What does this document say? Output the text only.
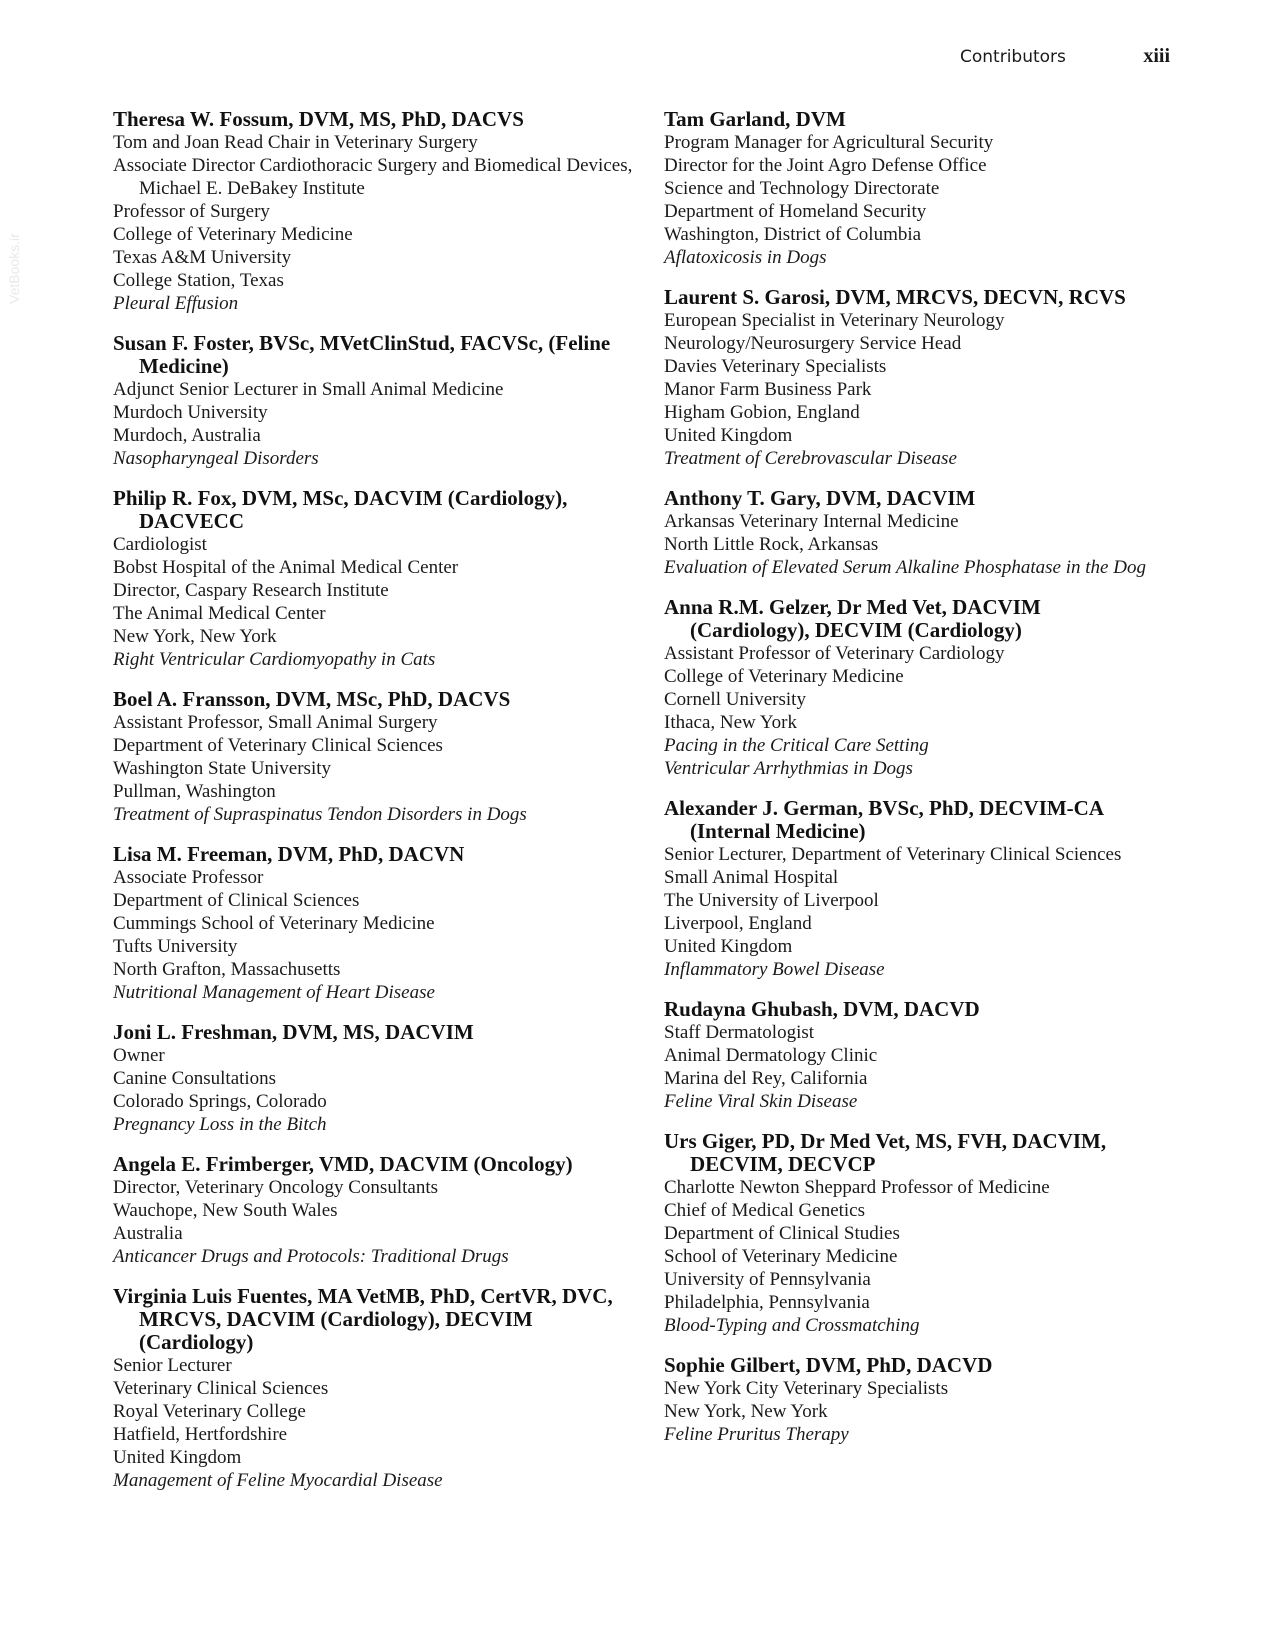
Contributors	xiii
VetBooks.ir
Theresa W. Fossum, DVM, MS, PhD, DACVS
Tom and Joan Read Chair in Veterinary Surgery
Associate Director Cardiothoracic Surgery and Biomedical Devices, Michael E. DeBakey Institute
Professor of Surgery
College of Veterinary Medicine
Texas A&M University
College Station, Texas
Pleural Effusion
Susan F. Foster, BVSc, MVetClinStud, FACVSc, (Feline Medicine)
Adjunct Senior Lecturer in Small Animal Medicine
Murdoch University
Murdoch, Australia
Nasopharyngeal Disorders
Philip R. Fox, DVM, MSc, DACVIM (Cardiology), DACVECC
Cardiologist
Bobst Hospital of the Animal Medical Center
Director, Caspary Research Institute
The Animal Medical Center
New York, New York
Right Ventricular Cardiomyopathy in Cats
Boel A. Fransson, DVM, MSc, PhD, DACVS
Assistant Professor, Small Animal Surgery
Department of Veterinary Clinical Sciences
Washington State University
Pullman, Washington
Treatment of Supraspinatus Tendon Disorders in Dogs
Lisa M. Freeman, DVM, PhD, DACVN
Associate Professor
Department of Clinical Sciences
Cummings School of Veterinary Medicine
Tufts University
North Grafton, Massachusetts
Nutritional Management of Heart Disease
Joni L. Freshman, DVM, MS, DACVIM
Owner
Canine Consultations
Colorado Springs, Colorado
Pregnancy Loss in the Bitch
Angela E. Frimberger, VMD, DACVIM (Oncology)
Director, Veterinary Oncology Consultants
Wauchope, New South Wales
Australia
Anticancer Drugs and Protocols: Traditional Drugs
Virginia Luis Fuentes, MA VetMB, PhD, CertVR, DVC, MRCVS, DACVIM (Cardiology), DECVIM (Cardiology)
Senior Lecturer
Veterinary Clinical Sciences
Royal Veterinary College
Hatfield, Hertfordshire
United Kingdom
Management of Feline Myocardial Disease
Tam Garland, DVM
Program Manager for Agricultural Security
Director for the Joint Agro Defense Office
Science and Technology Directorate
Department of Homeland Security
Washington, District of Columbia
Aflatoxicosis in Dogs
Laurent S. Garosi, DVM, MRCVS, DECVN, RCVS
European Specialist in Veterinary Neurology
Neurology/Neurosurgery Service Head
Davies Veterinary Specialists
Manor Farm Business Park
Higham Gobion, England
United Kingdom
Treatment of Cerebrovascular Disease
Anthony T. Gary, DVM, DACVIM
Arkansas Veterinary Internal Medicine
North Little Rock, Arkansas
Evaluation of Elevated Serum Alkaline Phosphatase in the Dog
Anna R.M. Gelzer, Dr Med Vet, DACVIM (Cardiology), DECVIM (Cardiology)
Assistant Professor of Veterinary Cardiology
College of Veterinary Medicine
Cornell University
Ithaca, New York
Pacing in the Critical Care Setting
Ventricular Arrhythmias in Dogs
Alexander J. German, BVSc, PhD, DECVIM-CA (Internal Medicine)
Senior Lecturer, Department of Veterinary Clinical Sciences
Small Animal Hospital
The University of Liverpool
Liverpool, England
United Kingdom
Inflammatory Bowel Disease
Rudayna Ghubash, DVM, DACVD
Staff Dermatologist
Animal Dermatology Clinic
Marina del Rey, California
Feline Viral Skin Disease
Urs Giger, PD, Dr Med Vet, MS, FVH, DACVIM, DECVIM, DECVCP
Charlotte Newton Sheppard Professor of Medicine
Chief of Medical Genetics
Department of Clinical Studies
School of Veterinary Medicine
University of Pennsylvania
Philadelphia, Pennsylvania
Blood-Typing and Crossmatching
Sophie Gilbert, DVM, PhD, DACVD
New York City Veterinary Specialists
New York, New York
Feline Pruritus Therapy
